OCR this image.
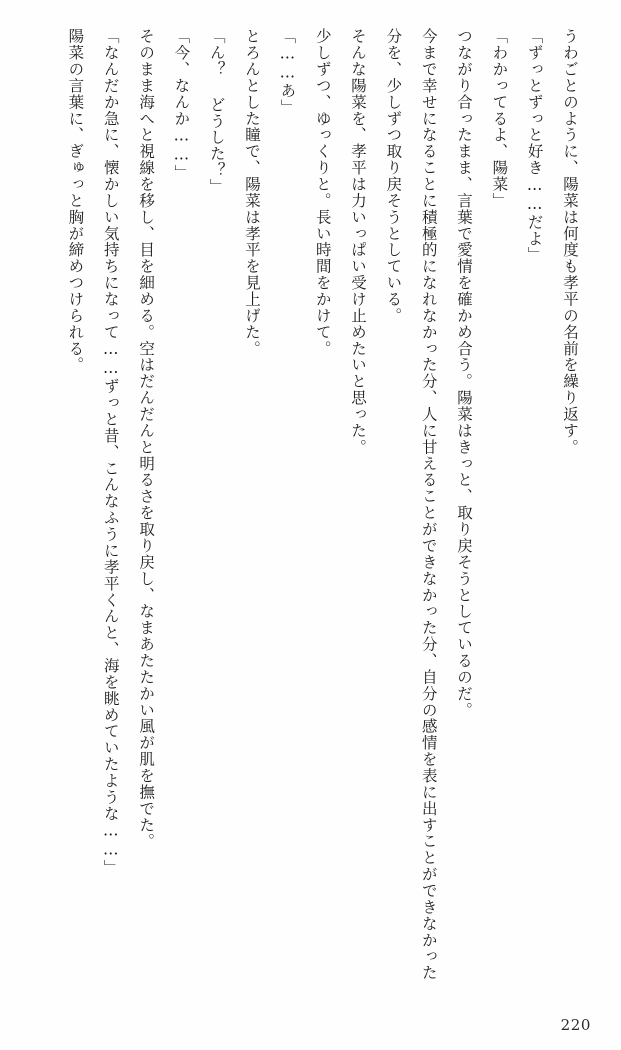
うわごとのように、陽菜は何度も孝平の名前を繰り返す。

「ずっとずっと好き……だよ」

「わかってるよ、陽菜」

つながり合ったまま、言葉で愛情を確かめ合う。陽菜はきっと、取り戻そうとしているのだ。

今まで幸せになることに積極的になれなかった分、人に甘えることができなかった分、自分の感情を表に出すことができなかった分を、少しずつ取り戻そうとしている。

そんな陽菜を、孝平は力いっぱい受け止めたいと思った。

少しずつ、ゆっくりと。長い時間をかけて。

「……あ」

とろんとした瞳で、陽菜は孝平を見上げた。

「ん？ どうした？」

「今、なんか……」

そのまま海へと視線を移し、目を細める。空はだんだんと明るさを取り戻し、なまあたたかい風が肌を撫でた。

「なんだか急に、懐かしい気持ちになって……ずっと昔、こんなふうに孝平くんと、海を眺めていたような……」

陽菜の言葉に、ぎゅっと胸が締めつけられる。

220
